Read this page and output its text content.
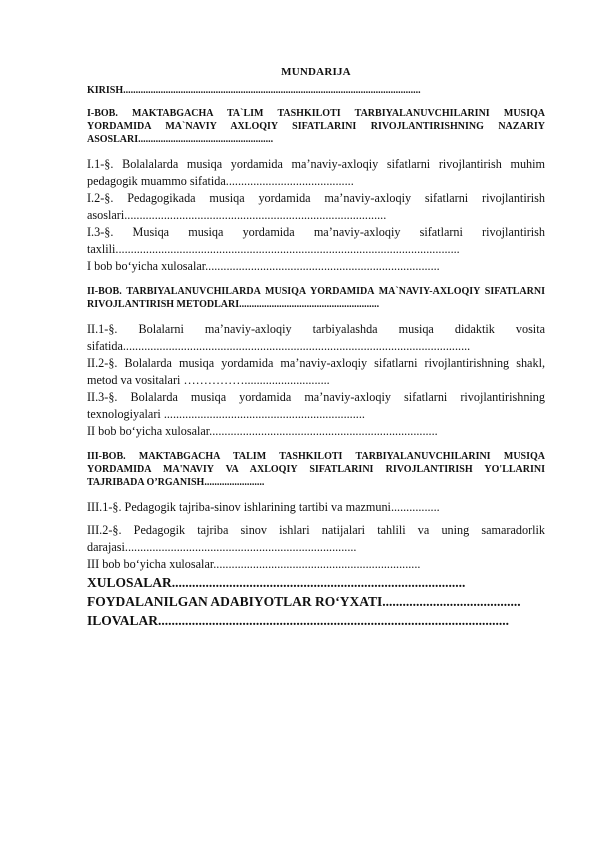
MUNDARIJA

KIRISH.......................................................................................................................

I-BOB. MAKTABGACHA TA`LIM TASHKILOTI TARBIYALANUVCHILARINI MUSIQA YORDAMIDA MA`NAVIY AXLOQIY SIFATLARINI RIVOJLANTIRISHNING NAZARIY ASOSLARI......................................................

I.1-§. Bolalalarda musiqa yordamida ma’naviy-axloqiy sifatlarni rivojlantirish muhim pedagogik muammo sifatida..........................................

I.2-§. Pedagogikada musiqa yordamida ma’naviy-axloqiy sifatlarni rivojlantirish asoslari......................................................................................

I.3-§. Musiqa musiqa yordamida ma’naviy-axloqiy sifatlarni rivojlantirish taxlili.................................................................................................................

I bob bo‘yicha xulosalar.............................................................................

II-BOB. TARBIYALANUVCHILARDA MUSIQA YORDAMIDA MA`NAVIY-AXLOQIY SIFATLARNI RIVOJLANTIRISH METODLARI........................................................

II.1-§. Bolalarni ma’naviy-axloqiy tarbiyalashda musiqa didaktik vosita sifatida..................................................................................................................

II.2-§. Bolalarda musiqa yordamida ma’naviy-axloqiy sifatlarni rivojlantirishning shakl, metod va vositalari ……………............................

II.3-§. Bolalarda musiqa yordamida ma’naviy-axloqiy sifatlarni rivojlantirishning texnologiyalari ..................................................................

II bob bo‘yicha xulosalar...........................................................................

III-BOB. MAKTABGACHA TALIM TASHKILOTI TARBIYALANUVCHILARINI MUSIQA YORDAMIDA MA'NAVIY VA AXLOQIY SIFATLARINI RIVOJLANTIRISH YO'LLARINI TAJRIBADA O’RGANISH........................

III.1-§. Pedagogik tajriba-sinov ishlarining tartibi va mazmuni................

III.2-§. Pedagogik tajriba sinov ishlari natijalari tahlili va uning samaradorlik darajasi............................................................................

III bob bo‘yicha xulosalar....................................................................

XULOSALAR.......................................................................................

FOYDALANILGAN ADABIYOTLAR RO‘YXATI.........................................

ILOVALAR........................................................................................................
